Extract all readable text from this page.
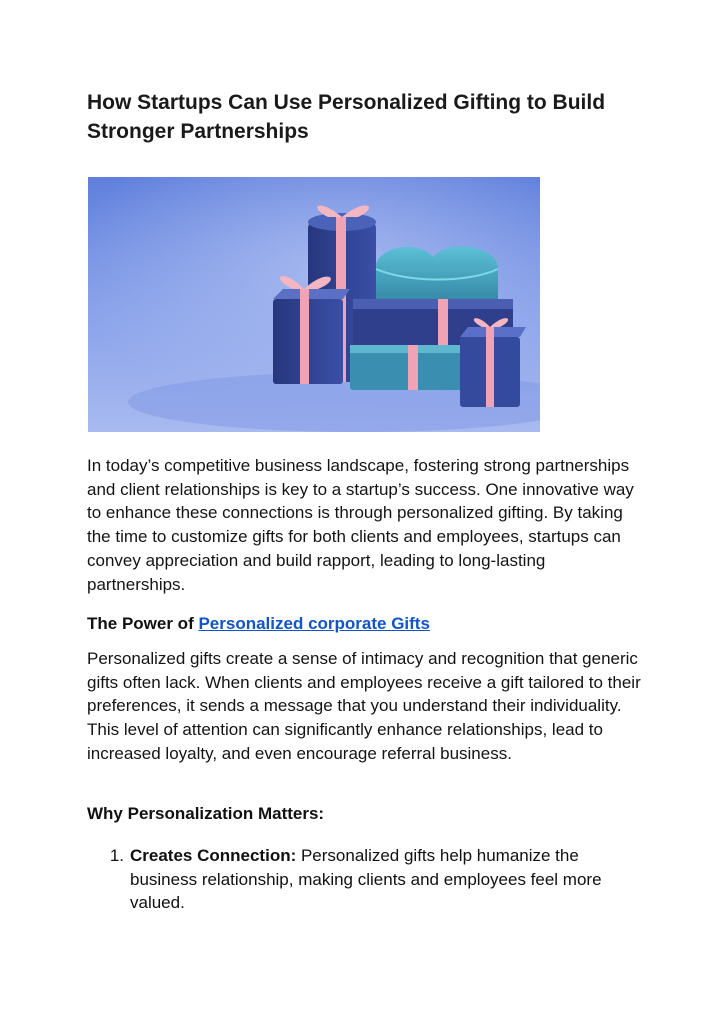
How Startups Can Use Personalized Gifting to Build Stronger Partnerships

In today’s competitive business landscape, fostering strong partnerships and client relationships is key to a startup’s success. One innovative way to enhance these connections is through personalized gifting. By taking the time to customize gifts for both clients and employees, startups can convey appreciation and build rapport, leading to long-lasting partnerships.

The Power of Personalized corporate Gifts

Personalized gifts create a sense of intimacy and recognition that generic gifts often lack. When clients and employees receive a gift tailored to their preferences, it sends a message that you understand their individuality. This level of attention can significantly enhance relationships, lead to increased loyalty, and even encourage referral business.

Why Personalization Matters:
1. Creates Connection: Personalized gifts help humanize the business relationship, making clients and employees feel more valued.
